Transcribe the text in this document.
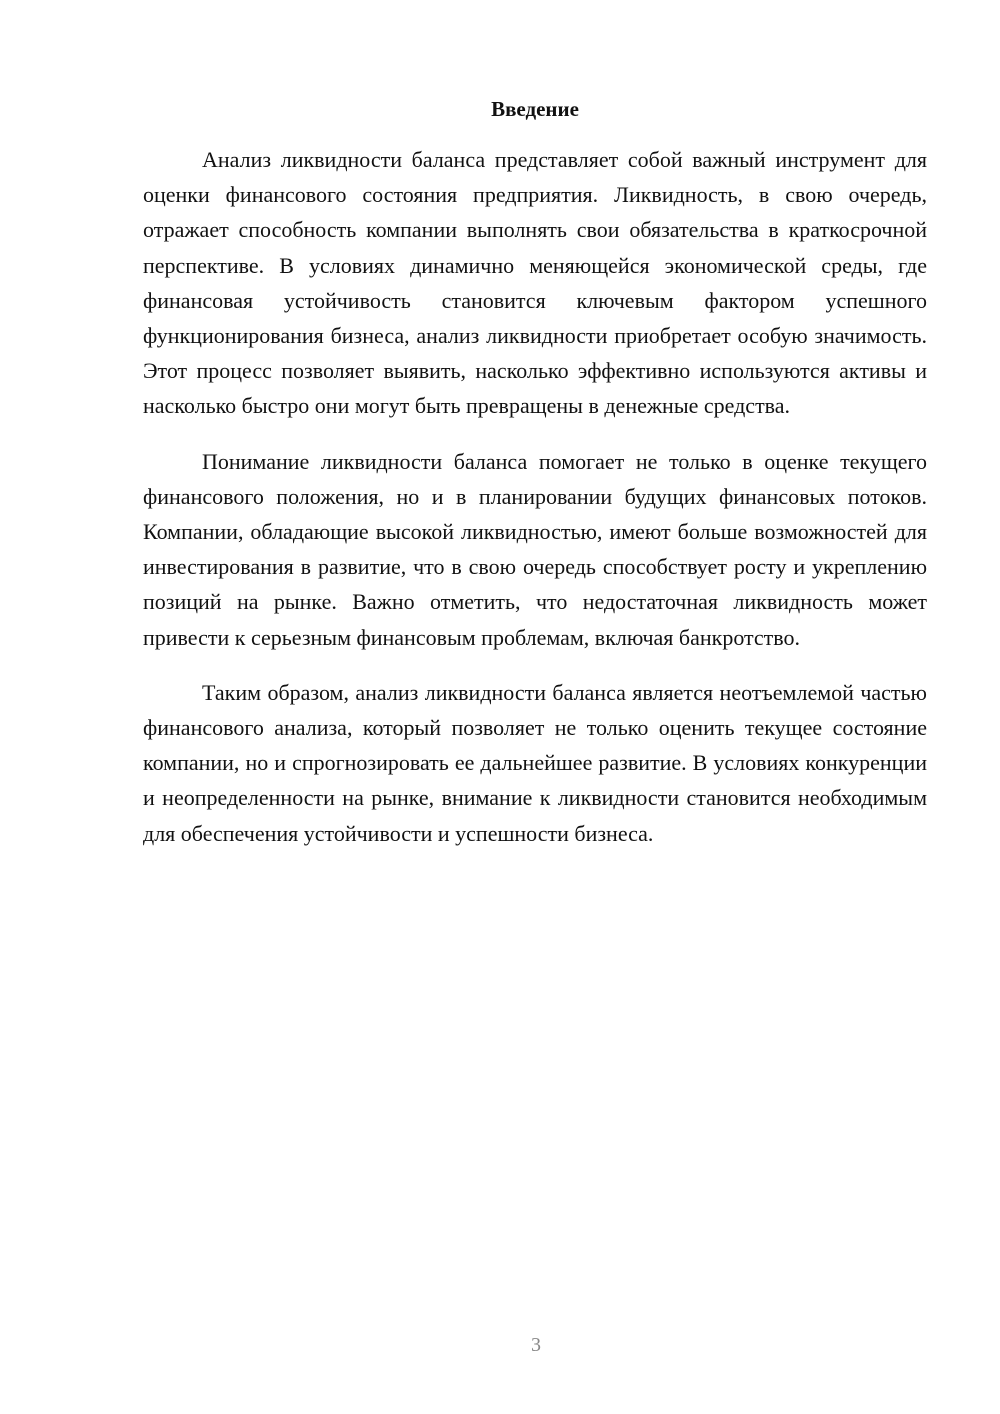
Введение

Анализ ликвидности баланса представляет собой важный инструмент для оценки финансового состояния предприятия. Ликвидность, в свою очередь, отражает способность компании выполнять свои обязательства в краткосрочной перспективе. В условиях динамично меняющейся экономической среды, где финансовая устойчивость становится ключевым фактором успешного функционирования бизнеса, анализ ликвидности приобретает особую значимость. Этот процесс позволяет выявить, насколько эффективно используются активы и насколько быстро они могут быть превращены в денежные средства.

Понимание ликвидности баланса помогает не только в оценке текущего финансового положения, но и в планировании будущих финансовых потоков. Компании, обладающие высокой ликвидностью, имеют больше возможностей для инвестирования в развитие, что в свою очередь способствует росту и укреплению позиций на рынке. Важно отметить, что недостаточная ликвидность может привести к серьезным финансовым проблемам, включая банкротство.

Таким образом, анализ ликвидности баланса является неотъемлемой частью финансового анализа, который позволяет не только оценить текущее состояние компании, но и спрогнозировать ее дальнейшее развитие. В условиях конкуренции и неопределенности на рынке, внимание к ликвидности становится необходимым для обеспечения устойчивости и успешности бизнеса.

3
